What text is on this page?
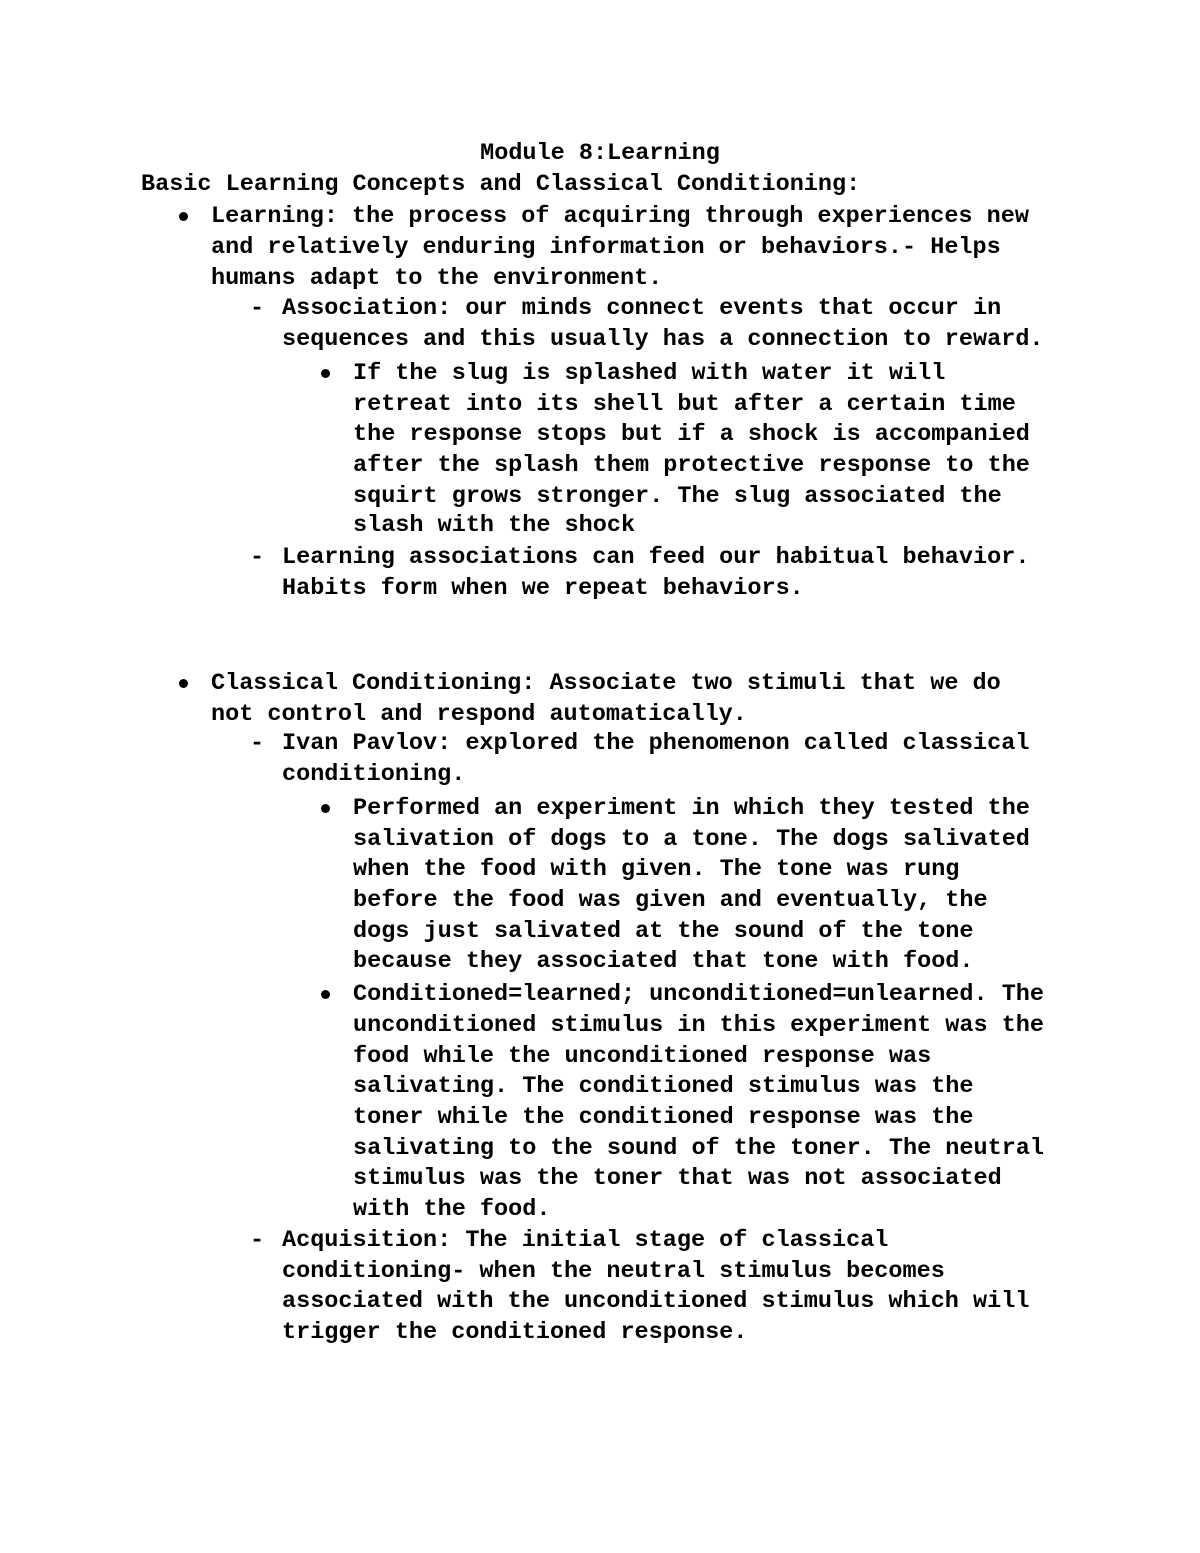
Module 8:Learning
Basic Learning Concepts and Classical Conditioning:
Learning: the process of acquiring through experiences new
and relatively enduring information or behaviors.- Helps
humans adapt to the environment.
- Association: our minds connect events that occur in
sequences and this usually has a connection to reward.
If the slug is splashed with water it will
retreat into its shell but after a certain time
the response stops but if a shock is accompanied
after the splash them protective response to the
squirt grows stronger. The slug associated the
slash with the shock
- Learning associations can feed our habitual behavior.
Habits form when we repeat behaviors.
Classical Conditioning: Associate two stimuli that we do
not control and respond automatically.
- Ivan Pavlov: explored the phenomenon called classical
conditioning.
Performed an experiment in which they tested the
salivation of dogs to a tone. The dogs salivated
when the food with given. The tone was rung
before the food was given and eventually, the
dogs just salivated at the sound of the tone
because they associated that tone with food.
Conditioned=learned; unconditioned=unlearned. The
unconditioned stimulus in this experiment was the
food while the unconditioned response was
salivating. The conditioned stimulus was the
toner while the conditioned response was the
salivating to the sound of the toner. The neutral
stimulus was the toner that was not associated
with the food.
- Acquisition: The initial stage of classical
conditioning- when the neutral stimulus becomes
associated with the unconditioned stimulus which will
trigger the conditioned response.
